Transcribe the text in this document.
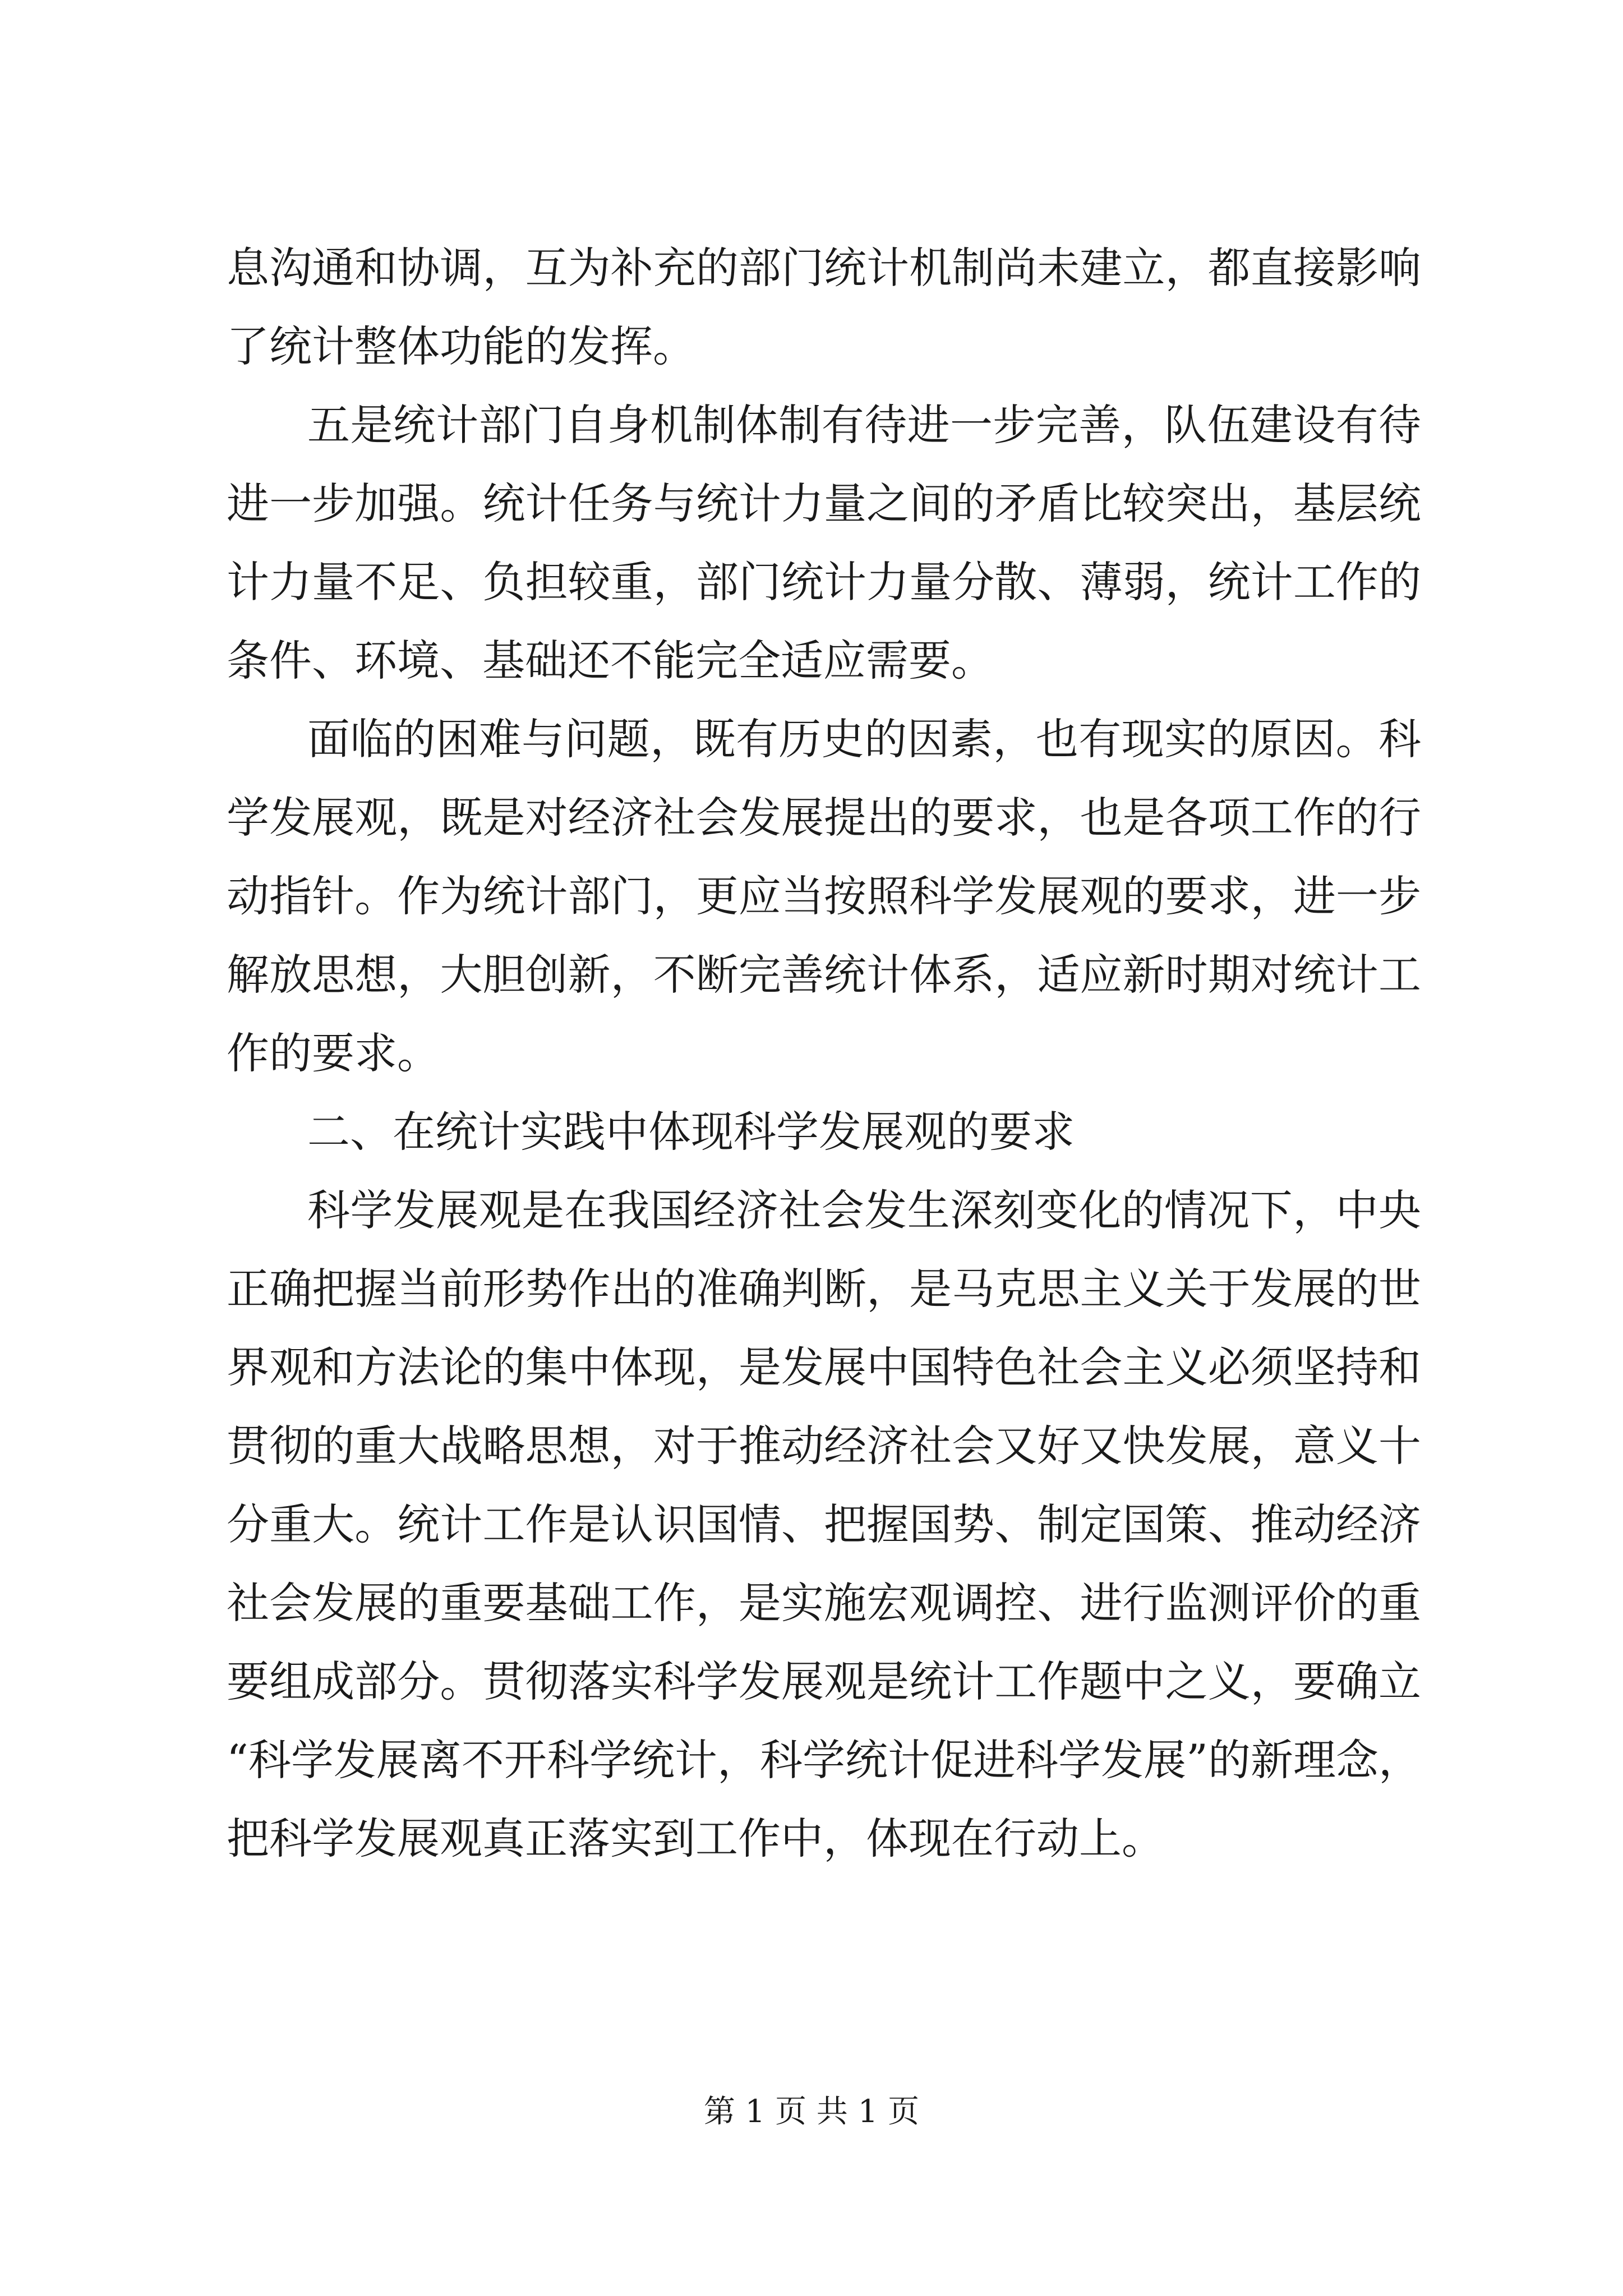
息沟通和协调，互为补充的部门统计机制尚未建立，都直接影响
了统计整体功能的发挥。
五是统计部门自身机制体制有待进一步完善，队伍建设有待
进一步加强。统计任务与统计力量之间的矛盾比较突出，基层统
计力量不足、负担较重，部门统计力量分散、薄弱，统计工作的
条件、环境、基础还不能完全适应需要。
面临的困难与问题，既有历史的因素，也有现实的原因。科
学发展观，既是对经济社会发展提出的要求，也是各项工作的行
动指针。作为统计部门，更应当按照科学发展观的要求，进一步
解放思想，大胆创新，不断完善统计体系，适应新时期对统计工
作的要求。
二、在统计实践中体现科学发展观的要求
科学发展观是在我国经济社会发生深刻变化的情况下，中央
正确把握当前形势作出的准确判断，是马克思主义关于发展的世
界观和方法论的集中体现，是发展中国特色社会主义必须坚持和
贯彻的重大战略思想，对于推动经济社会又好又快发展，意义十
分重大。统计工作是认识国情、把握国势、制定国策、推动经济
社会发展的重要基础工作，是实施宏观调控、进行监测评价的重
要组成部分。贯彻落实科学发展观是统计工作题中之义，要确立
“科学发展离不开科学统计，科学统计促进科学发展”的新理念，
把科学发展观真正落实到工作中，体现在行动上。
第 1 页 共 1 页
